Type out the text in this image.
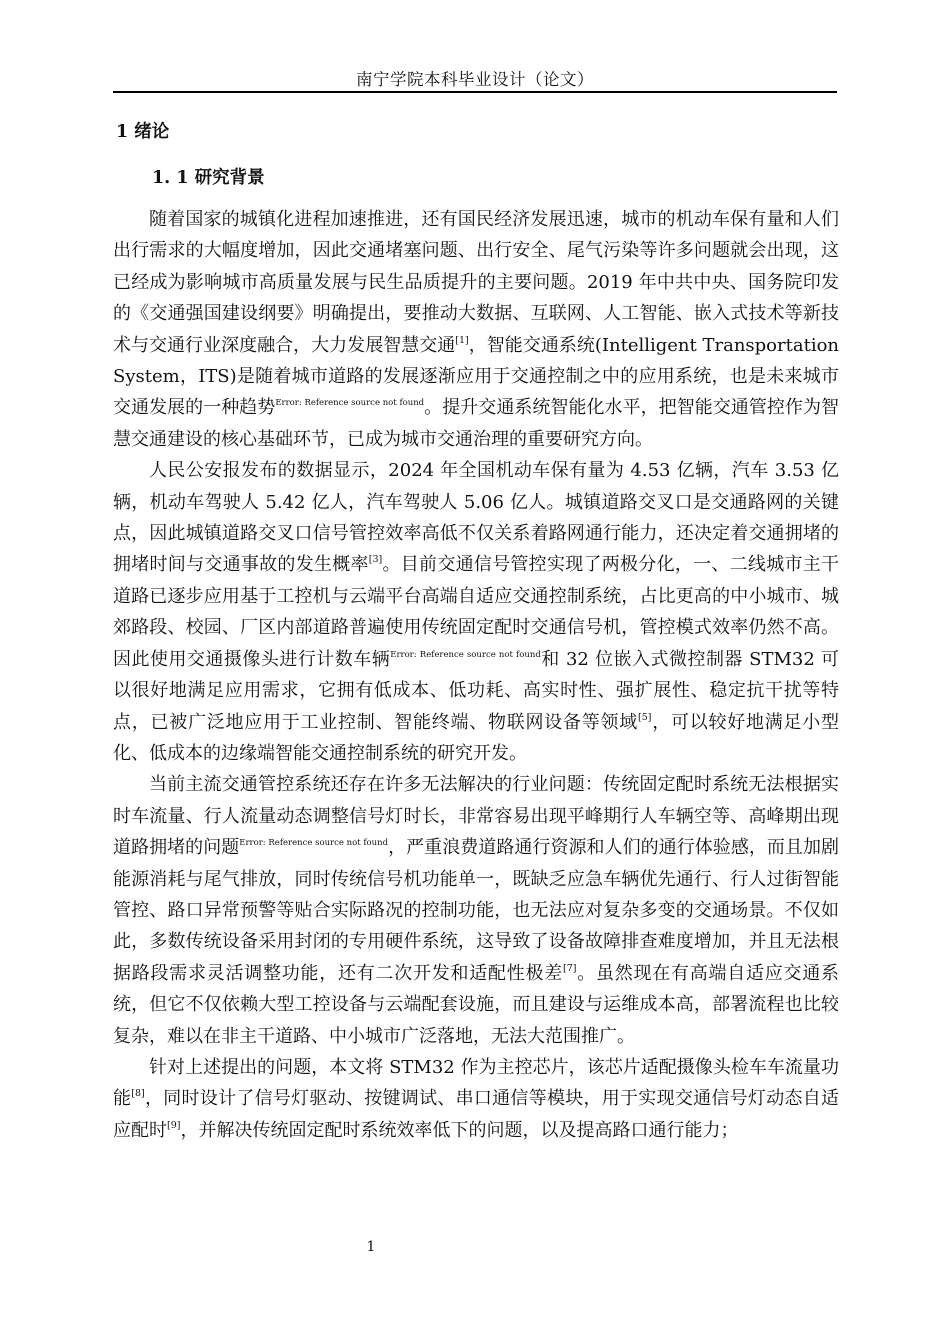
南宁学院本科毕业设计（论文）
1 绪论
1. 1 研究背景

随着国家的城镇化进程加速推进，还有国民经济发展迅速，城市的机动车保有量和人们出行需求的大幅度增加，因此交通堵塞问题、出行安全、尾气污染等许多问题就会出现，这已经成为影响城市高质量发展与民生品质提升的主要问题。2019 年中共中央、国务院印发的《交通强国建设纲要》明确提出，要推动大数据、互联网、人工智能、嵌入式技术等新技术与交通行业深度融合，大力发展智慧交通[1]，智能交通系统(Intelligent Transportation System，ITS)是随着城市道路的发展逐渐应用于交通控制之中的应用系统，也是未来城市交通发展的一种趋势$^{Error: Reference source not found}$。提升交通系统智能化水平，把智能交通管控作为智慧交通建设的核心基础环节，已成为城市交通治理的重要研究方向。

人民公安报发布的数据显示，2024 年全国机动车保有量为 4.53 亿辆，汽车 3.53 亿辆，机动车驾驶人 5.42 亿人，汽车驾驶人 5.06 亿人。城镇道路交叉口是交通路网的关键点，因此城镇道路交叉口信号管控效率高低不仅关系着路网通行能力，还决定着交通拥堵的拥堵时间与交通事故的发生概率[3]。目前交通信号管控实现了两极分化，一、二线城市主干道路已逐步应用基于工控机与云端平台高端自适应交通控制系统，占比更高的中小城市、城郊路段、校园、厂区内部道路普遍使用传统固定配时交通信号机，管控模式效率仍然不高。因此使用交通摄像头进行计数车辆$^{Error: Reference source not found}$和 32 位嵌入式微控制器 STM32 可以很好地满足应用需求，它拥有低成本、低功耗、高实时性、强扩展性、稳定抗干扰等特点，已被广泛地应用于工业控制、智能终端、物联网设备等领域[5]，可以较好地满足小型化、低成本的边缘端智能交通控制系统的研究开发。

当前主流交通管控系统还存在许多无法解决的行业问题：传统固定配时系统无法根据实时车流量、行人流量动态调整信号灯时长，非常容易出现平峰期行人车辆空等、高峰期出现道路拥堵的问题$^{Error: Reference source not found}$，严重浪费道路通行资源和人们的通行体验感，而且加剧能源消耗与尾气排放，同时传统信号机功能单一，既缺乏应急车辆优先通行、行人过街智能管控、路口异常预警等贴合实际路况的控制功能，也无法应对复杂多变的交通场景。不仅如此，多数传统设备采用封闭的专用硬件系统，这导致了设备故障排查难度增加，并且无法根据路段需求灵活调整功能，还有二次开发和适配性极差[7]。虽然现在有高端自适应交通系统，但它不仅依赖大型工控设备与云端配套设施，而且建设与运维成本高，部署流程也比较复杂，难以在非主干道路、中小城市广泛落地，无法大范围推广。

针对上述提出的问题，本文将 STM32 作为主控芯片，该芯片适配摄像头检车车流量功能[8]，同时设计了信号灯驱动、按键调试、串口通信等模块，用于实现交通信号灯动态自适应配时[9]，并解决传统固定配时系统效率低下的问题，以及提高路口通行能力；

1
